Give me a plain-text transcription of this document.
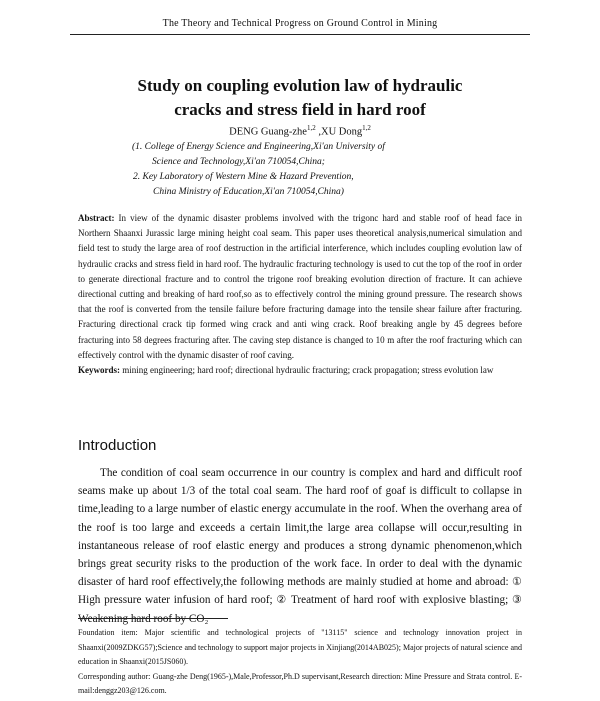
The Theory and Technical Progress on Ground Control in Mining
Study on coupling evolution law of hydraulic
cracks and stress field in hard roof
DENG Guang-zhe$^{1,2}$ ,XU Dong$^{1,2}$
(1. College of Energy Science and Engineering,Xi'an University of
Science and Technology,Xi'an 710054,China;
2. Key Laboratory of Western Mine & Hazard Prevention,
China Ministry of Education,Xi'an 710054,China)
Abstract: In view of the dynamic disaster problems involved with the trigonc hard and stable roof of head face in Northern Shaanxi Jurassic large mining height coal seam. This paper uses theoretical analysis,numerical simulation and field test to study the large area of roof destruction in the artificial interference, which includes coupling evolution law of hydraulic cracks and stress field in hard roof. The hydraulic fracturing technology is used to cut the top of the roof in order to generate directional fracture and to control the trigone roof breaking evolution direction of fracture. It can achieve directional cutting and breaking of hard roof,so as to effectively control the mining ground pressure. The research shows that the roof is converted from the tensile failure before fracturing damage into the tensile shear failure after fracturing. Fracturing directional crack tip formed wing crack and anti wing crack. Roof breaking angle by 45 degrees before fracturing into 58 degrees fracturing after. The caving step distance is changed to 10 m after the roof fracturing which can effectively control with the dynamic disaster of roof caving.
Keywords: mining engineering; hard roof; directional hydraulic fracturing; crack propagation; stress evolution law
Introduction

The condition of coal seam occurrence in our country is complex and hard and difficult roof seams make up about 1/3 of the total coal seam. The hard roof of goaf is difficult to collapse in time,leading to a large number of elastic energy accumulate in the roof. When the overhang area of the roof is too large and exceeds a certain limit,the large area collapse will occur,resulting in instantaneous release of roof elastic energy and produces a strong dynamic phenomenon,which brings great security risks to the production of the work face. In order to deal with the dynamic disaster of hard roof effectively,the following methods are mainly studied at home and abroad: ① High pressure water infusion of hard roof; ② Treatment of hard roof with explosive blasting; ③ Weakening hard roof by CO₂

Foundation item: Major scientific and technological projects of "13115" science and technology innovation project in Shaanxi(2009ZDKG57);Science and technology to support major projects in Xinjiang(2014AB025); Major projects of natural science and education in Shaanxi(2015JS060).

Corresponding author: Guang-zhe Deng(1965-),Male,Professor,Ph.D supervisant,Research direction: Mine Pressure and Strata control. E-mail:denggz203@126.com.
